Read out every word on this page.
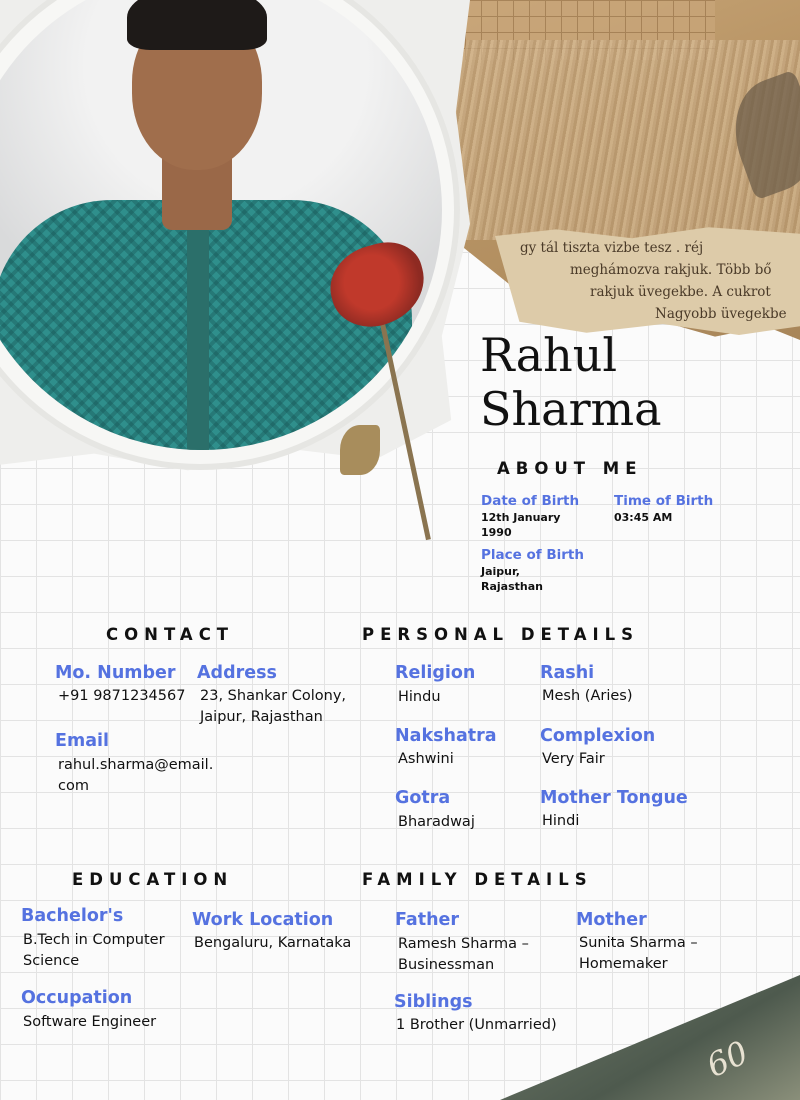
gy tál tiszta vizbe tesz . réj
meghámozva rakjuk. Több bő
rakjuk üvegekbe. A cukrot
Nagyobb üvegekbe
60
Rahul
Sharma
ABOUT ME
Date of Birth
12th January
1990
Time of Birth
03:45 AM
Place of Birth
Jaipur,
Rajasthan
CONTACT
Mo. Number
+91 9871234567
Address
23, Shankar Colony,
Jaipur, Rajasthan
Email
rahul.sharma@email.
com
PERSONAL DETAILS
Religion
Hindu
Rashi
Mesh (Aries)
Nakshatra
Ashwini
Complexion
Very Fair
Gotra
Bharadwaj
Mother Tongue
Hindi
EDUCATION
Bachelor's
B.Tech in Computer
Science
Work Location
Bengaluru, Karnataka
Occupation
Software Engineer
FAMILY DETAILS
Father
Ramesh Sharma –
Businessman
Mother
Sunita Sharma –
Homemaker
Siblings
1 Brother (Unmarried)
